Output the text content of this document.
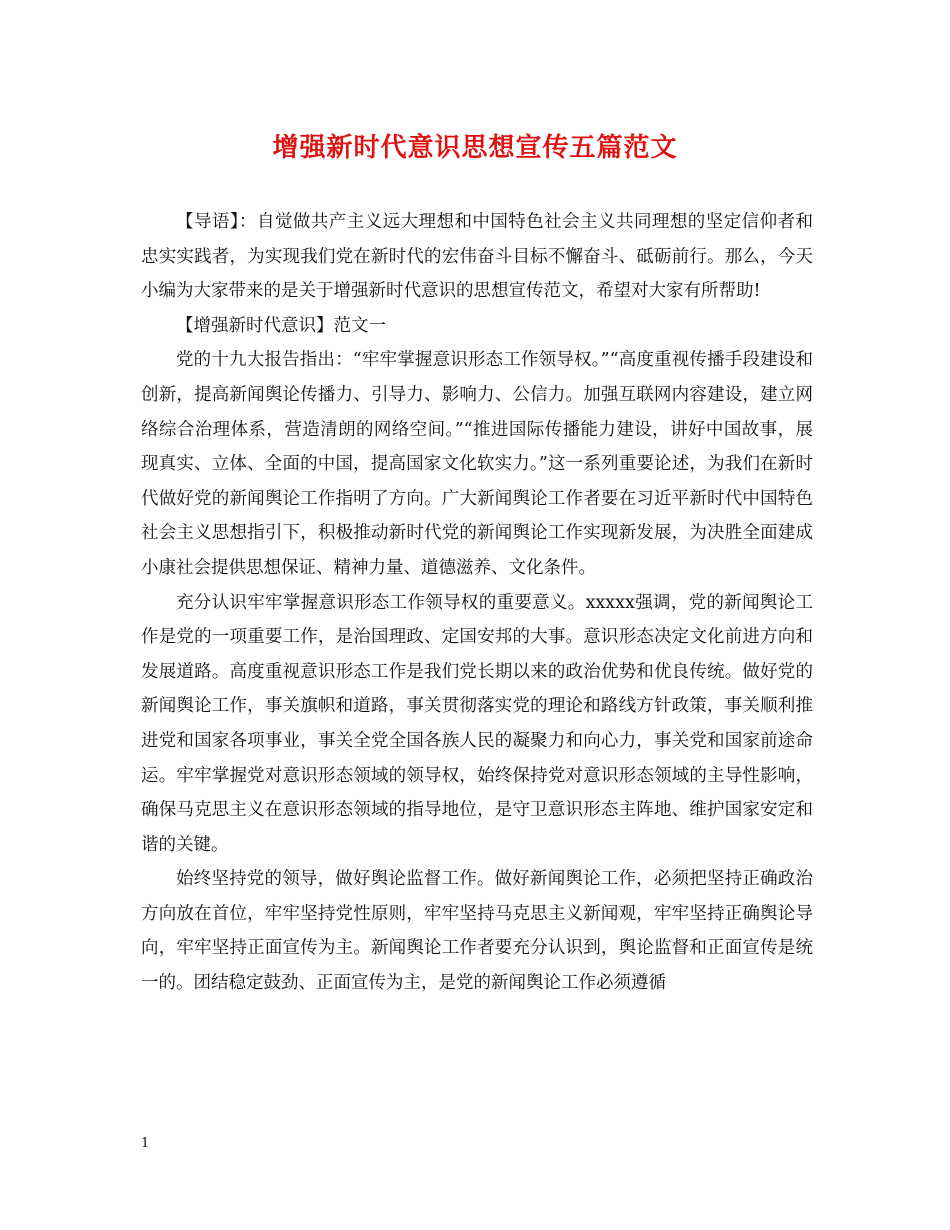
增强新时代意识思想宣传五篇范文

【导语】：自觉做共产主义远大理想和中国特色社会主义共同理想的坚定信仰者和忠实实践者，为实现我们党在新时代的宏伟奋斗目标不懈奋斗、砥砺前行。那么，今天小编为大家带来的是关于增强新时代意识的思想宣传范文，希望对大家有所帮助!

【增强新时代意识】范文一

党的十九大报告指出：“牢牢掌握意识形态工作领导权。”“高度重视传播手段建设和创新，提高新闻舆论传播力、引导力、影响力、公信力。加强互联网内容建设，建立网络综合治理体系，营造清朗的网络空间。”“推进国际传播能力建设，讲好中国故事，展现真实、立体、全面的中国，提高国家文化软实力。”这一系列重要论述，为我们在新时代做好党的新闻舆论工作指明了方向。广大新闻舆论工作者要在习近平新时代中国特色社会主义思想指引下，积极推动新时代党的新闻舆论工作实现新发展，为决胜全面建成小康社会提供思想保证、精神力量、道德滋养、文化条件。

充分认识牢牢掌握意识形态工作领导权的重要意义。xxxxx强调，党的新闻舆论工作是党的一项重要工作，是治国理政、定国安邦的大事。意识形态决定文化前进方向和发展道路。高度重视意识形态工作是我们党长期以来的政治优势和优良传统。做好党的新闻舆论工作，事关旗帜和道路，事关贯彻落实党的理论和路线方针政策，事关顺利推进党和国家各项事业，事关全党全国各族人民的凝聚力和向心力，事关党和国家前途命运。牢牢掌握党对意识形态领域的领导权，始终保持党对意识形态领域的主导性影响，确保马克思主义在意识形态领域的指导地位，是守卫意识形态主阵地、维护国家安定和谐的关键。

始终坚持党的领导，做好舆论监督工作。做好新闻舆论工作，必须把坚持正确政治方向放在首位，牢牢坚持党性原则，牢牢坚持马克思主义新闻观，牢牢坚持正确舆论导向，牢牢坚持正面宣传为主。新闻舆论工作者要充分认识到，舆论监督和正面宣传是统一的。团结稳定鼓劲、正面宣传为主，是党的新闻舆论工作必须遵循

1
